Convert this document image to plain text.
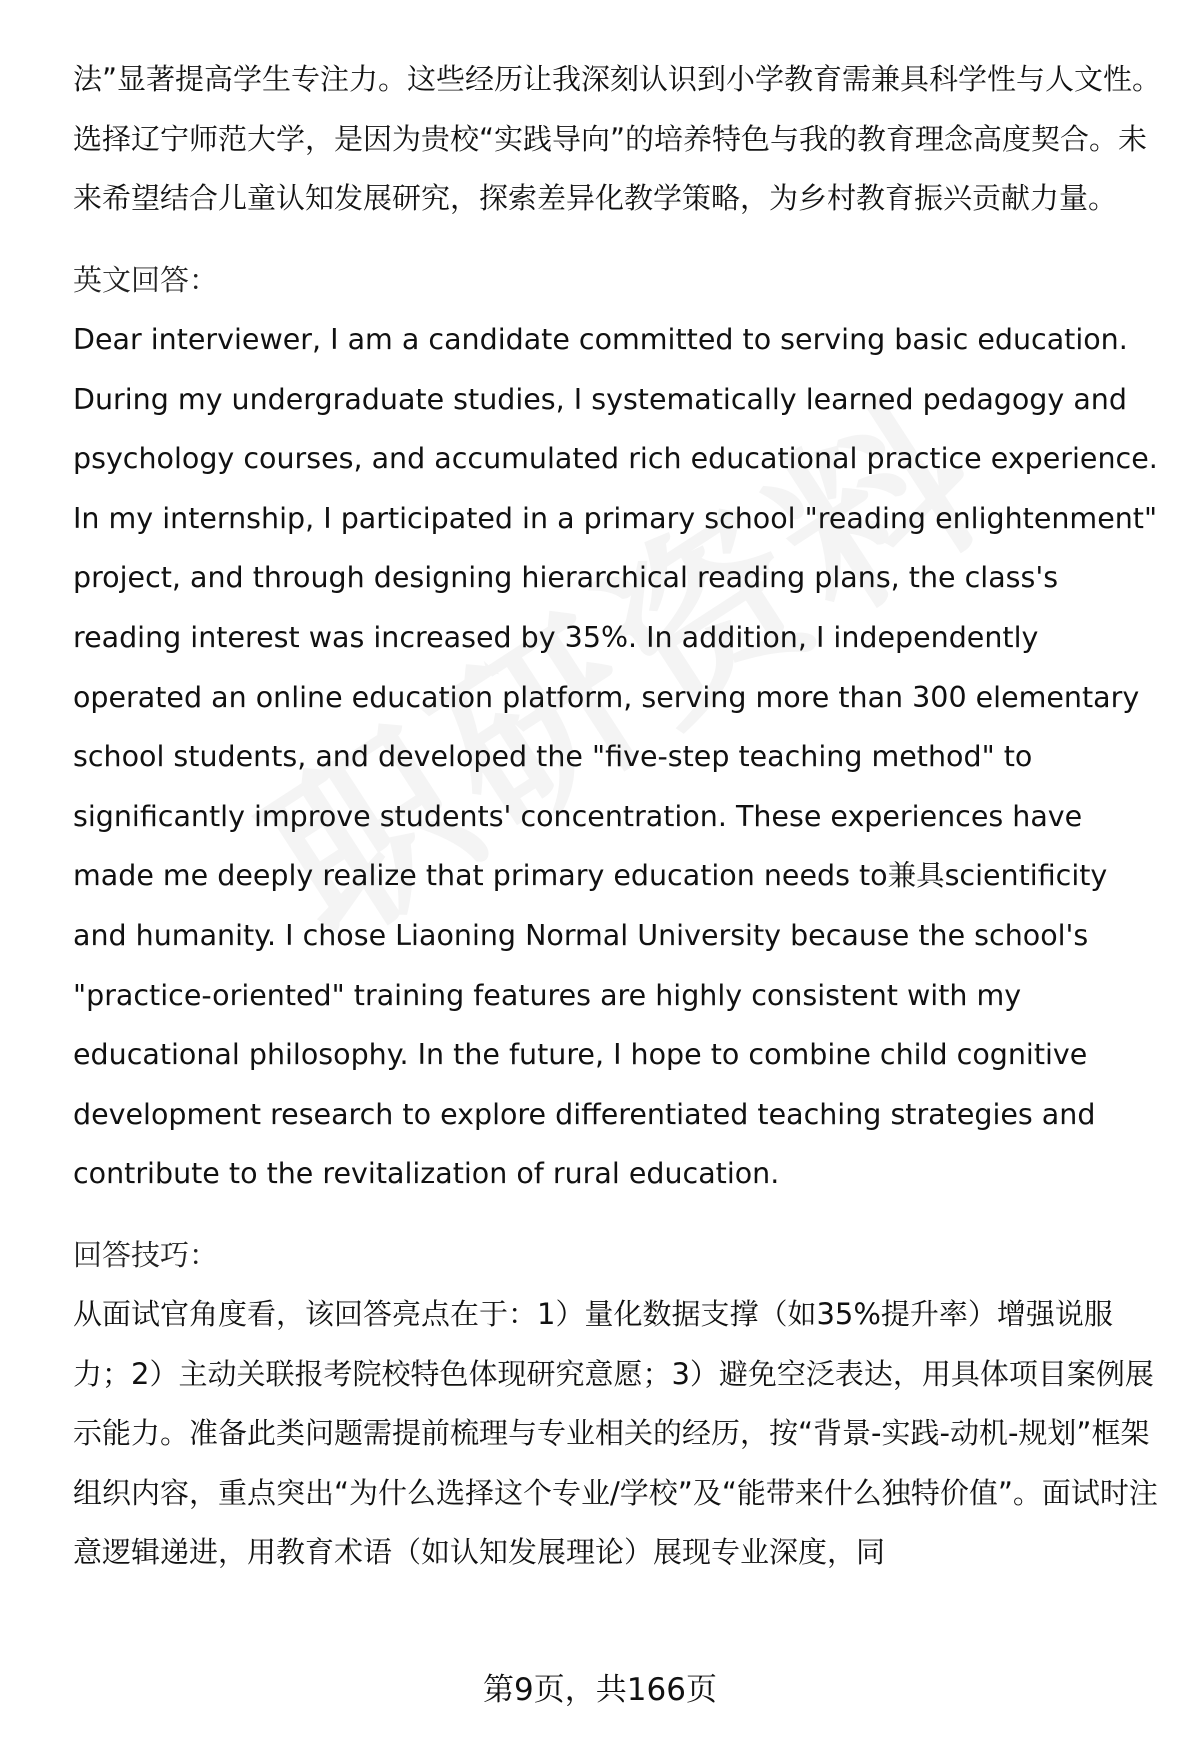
法”显著提高学生专注力。这些经历让我深刻认识到小学教育需兼具科学性与人文性。选择辽宁师范大学，是因为贵校“实践导向”的培养特色与我的教育理念高度契合。未来希望结合儿童认知发展研究，探索差异化教学策略，为乡村教育振兴贡献力量。

英文回答：

Dear interviewer, I am a candidate committed to serving basic education. During my undergraduate studies, I systematically learned pedagogy and psychology courses, and accumulated rich educational practice experience. In my internship, I participated in a primary school "reading enlightenment" project, and through designing hierarchical reading plans, the class's reading interest was increased by 35%. In addition, I independently operated an online education platform, serving more than 300 elementary school students, and developed the "five-step teaching method" to significantly improve students' concentration. These experiences have made me deeply realize that primary education needs to兼具scientificity and humanity. I chose Liaoning Normal University because the school's "practice-oriented" training features are highly consistent with my educational philosophy. In the future, I hope to combine child cognitive development research to explore differentiated teaching strategies and contribute to the revitalization of rural education.

回答技巧：

从面试官角度看，该回答亮点在于：1）量化数据支撑（如35%提升率）增强说服力；2）主动关联报考院校特色体现研究意愿；3）避免空泛表达，用具体项目案例展示能力。准备此类问题需提前梳理与专业相关的经历，按“背景-实践-动机-规划”框架组织内容，重点突出“为什么选择这个专业/学校”及“能带来什么独特价值”。面试时注意逻辑递进，用教育术语（如认知发展理论）展现专业深度，同

第9页，共166页
